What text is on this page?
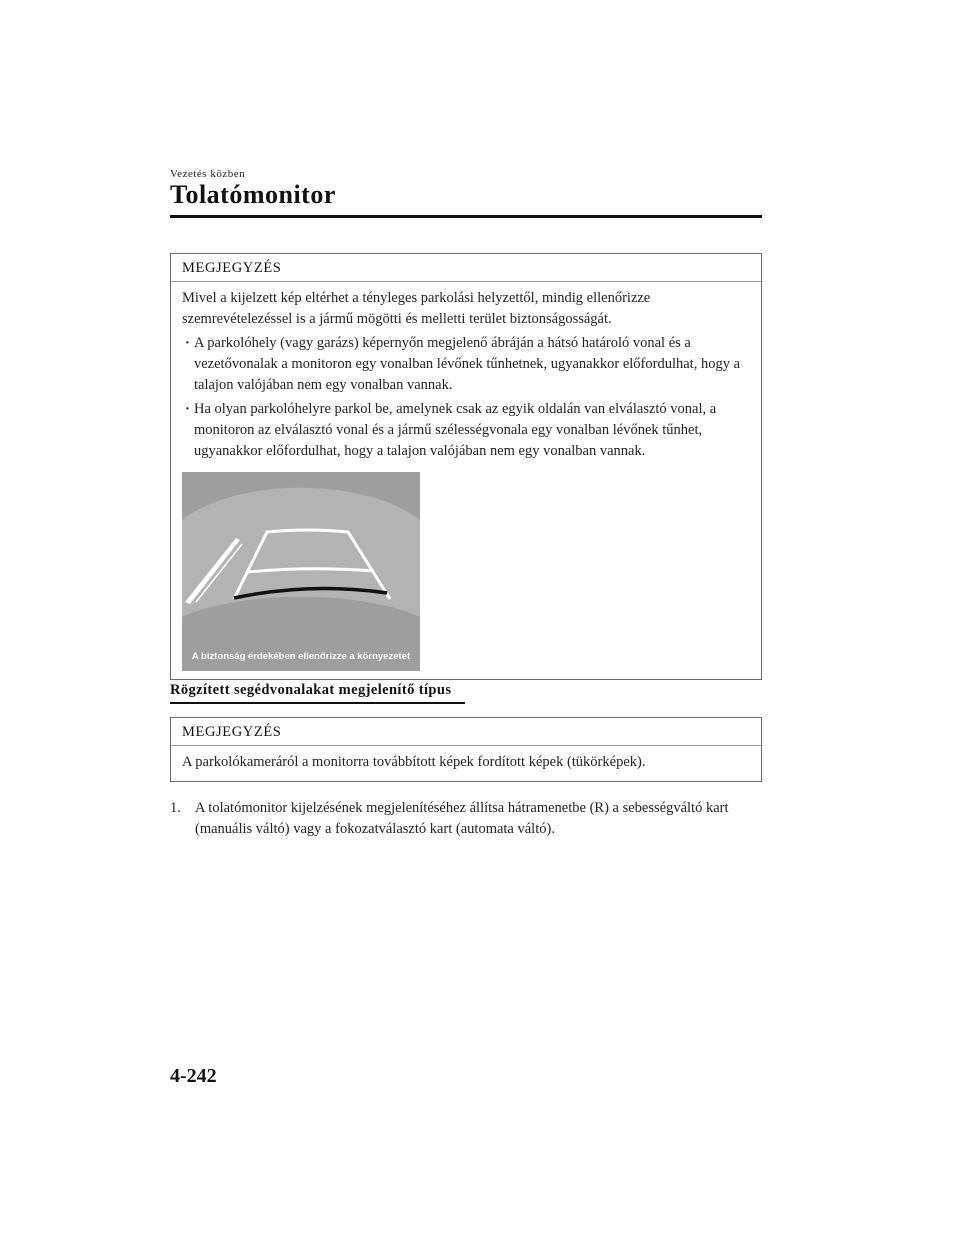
Vezetés közben
Tolatómonitor
MEGJEGYZÉS

Mivel a kijelzett kép eltérhet a tényleges parkolási helyzettől, mindig ellenőrizze szemrevételezéssel is a jármű mögötti és melletti terület biztonságosságát.

· A parkolóhely (vagy garázs) képernyőn megjelenő ábráján a hátsó határoló vonal és a vezetővonalak a monitoron egy vonalban lévőnek tűnhetnek, ugyanakkor előfordulhat, hogy a talajon valójában nem egy vonalban vannak.
· Ha olyan parkolóhelyre parkol be, amelynek csak az egyik oldalán van elválasztó vonal, a monitoron az elválasztó vonal és a jármű szélességvonala egy vonalban lévőnek tűnhet, ugyanakkor előfordulhat, hogy a talajon valójában nem egy vonalban vannak.
A biztonság érdekében ellenőrizze a környezetet
Rögzített segédvonalakat megjelenítő típus
MEGJEGYZÉS

A parkolókameráról a monitorra továbbított képek fordított képek (tükörképek).

1. A tolatómonitor kijelzésének megjelenítéséhez állítsa hátramenetbe (R) a sebességváltó kart (manuális váltó) vagy a fokozatválasztó kart (automata váltó).
4-242
